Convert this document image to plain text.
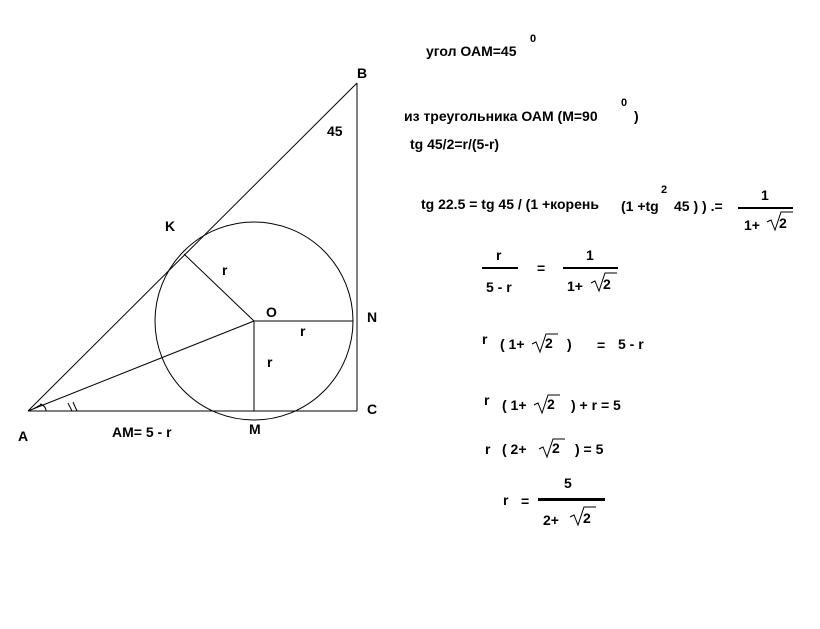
A
B
C
K
N
M
O
45
r
r
r
AM= 5 - r
угол ОАМ=45
0
из треугольника ОАМ (М=90
0
)
tg 45/2=r/(5-r)
tg 22.5 = tg 45 / (1 +корень (1 +tg
2
45 ) ) .=
1
1+ 2
r
5 - r
=
1
1+ 2
r ( 1+ 2 ) = 5 - r
r ( 1+ 2 ) + r = 5
r ( 2+ 2 ) = 5
r =
5
2+ 2
